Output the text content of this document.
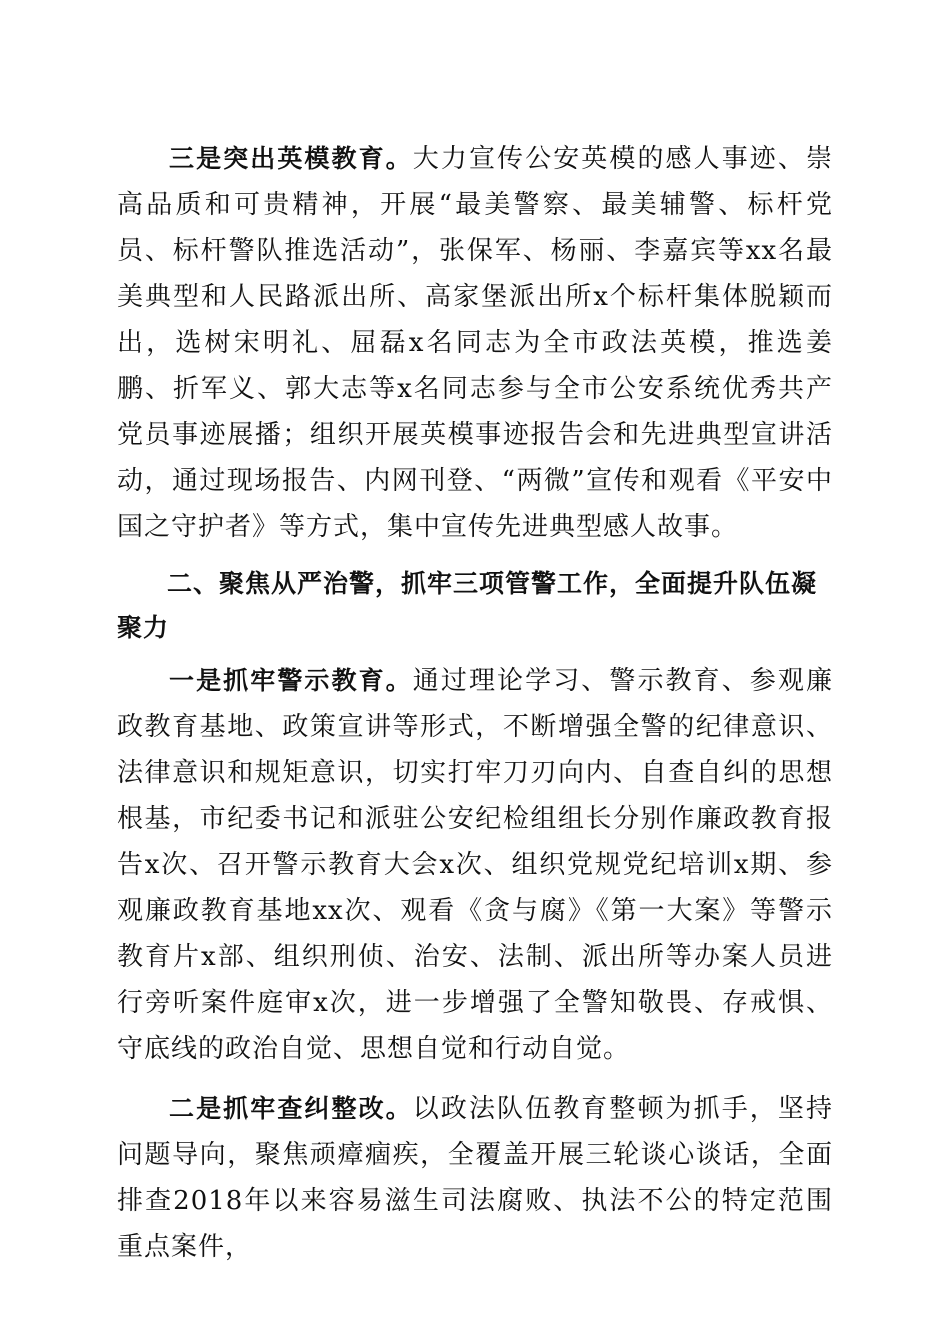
三是突出英模教育。大力宣传公安英模的感人事迹、崇高品质和可贵精神，开展“最美警察、最美辅警、标杆党员、标杆警队推选活动”，张保军、杨丽、李嘉宾等xx名最美典型和人民路派出所、高家堡派出所x个标杆集体脱颖而出，选树宋明礼、屈磊x名同志为全市政法英模，推选姜鹏、折军义、郭大志等x名同志参与全市公安系统优秀共产党员事迹展播；组织开展英模事迹报告会和先进典型宣讲活动，通过现场报告、内网刊登、“两微”宣传和观看《平安中国之守护者》等方式，集中宣传先进典型感人故事。

二、聚焦从严治警，抓牢三项管警工作，全面提升队伍凝聚力

一是抓牢警示教育。通过理论学习、警示教育、参观廉政教育基地、政策宣讲等形式，不断增强全警的纪律意识、法律意识和规矩意识，切实打牢刀刃向内、自查自纠的思想根基，市纪委书记和派驻公安纪检组组长分别作廉政教育报告x次、召开警示教育大会x次、组织党规党纪培训x期、参观廉政教育基地xx次、观看《贪与腐》《第一大案》等警示教育片x部、组织刑侦、治安、法制、派出所等办案人员进行旁听案件庭审x次，进一步增强了全警知敬畏、存戒惧、守底线的政治自觉、思想自觉和行动自觉。

二是抓牢查纠整改。以政法队伍教育整顿为抓手，坚持问题导向，聚焦顽瘴痼疾，全覆盖开展三轮谈心谈话，全面排查2018年以来容易滋生司法腐败、执法不公的特定范围重点案件，
